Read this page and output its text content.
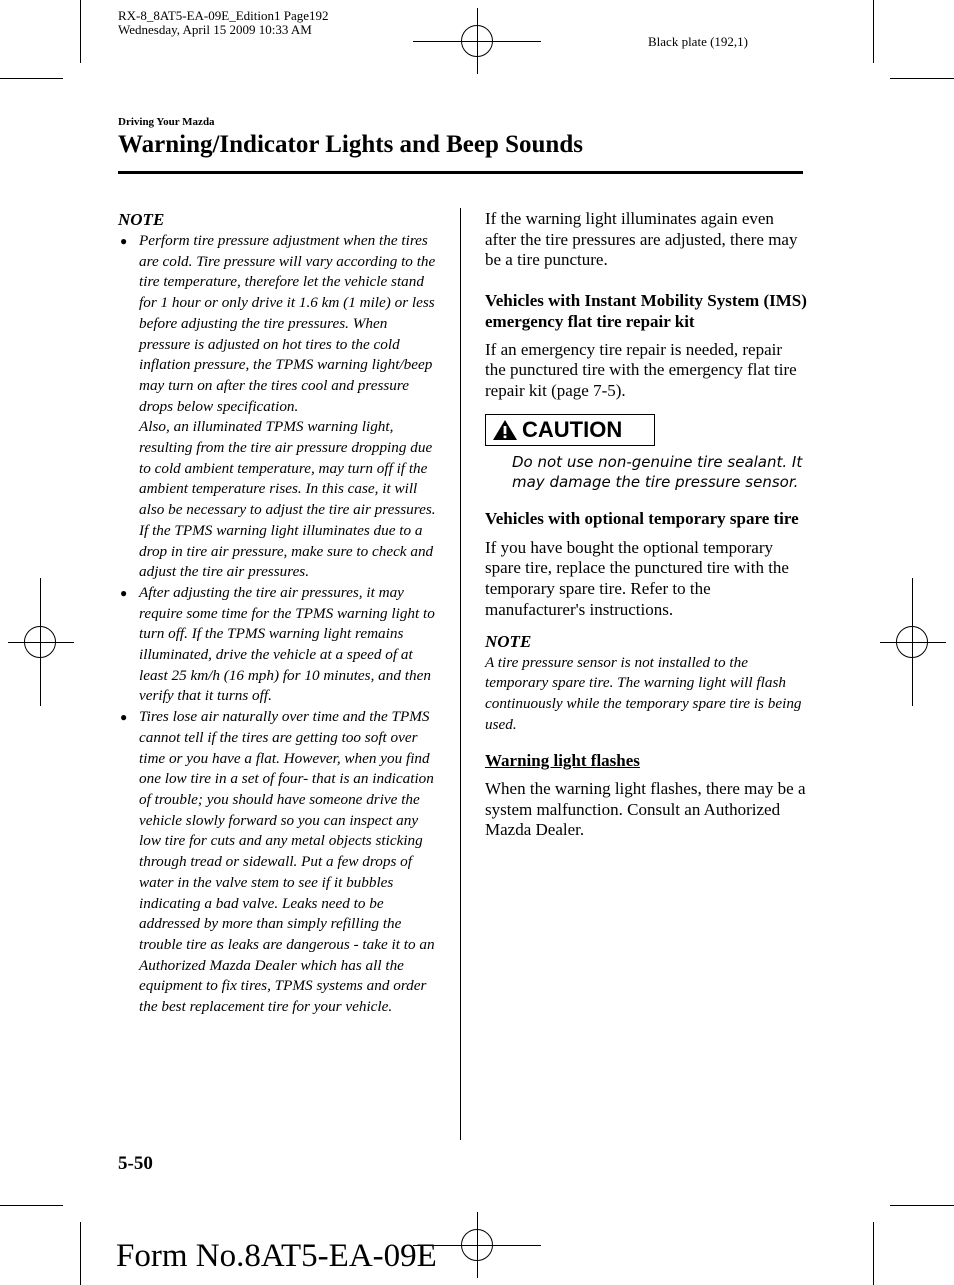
RX-8_8AT5-EA-09E_Edition1 Page192
Wednesday, April 15 2009 10:33 AM
Black plate (192,1)
Driving Your Mazda
Warning/Indicator Lights and Beep Sounds
NOTE
● Perform tire pressure adjustment when the tires are cold. Tire pressure will vary according to the tire temperature, therefore let the vehicle stand for 1 hour or only drive it 1.6 km (1 mile) or less before adjusting the tire pressures. When pressure is adjusted on hot tires to the cold inflation pressure, the TPMS warning light/beep may turn on after the tires cool and pressure drops below specification.

Also, an illuminated TPMS warning light, resulting from the tire air pressure dropping due to cold ambient temperature, may turn off if the ambient temperature rises. In this case, it will also be necessary to adjust the tire air pressures. If the TPMS warning light illuminates due to a drop in tire air pressure, make sure to check and adjust the tire air pressures.

● After adjusting the tire air pressures, it may require some time for the TPMS warning light to turn off. If the TPMS warning light remains illuminated, drive the vehicle at a speed of at least 25 km/h (16 mph) for 10 minutes, and then verify that it turns off.

● Tires lose air naturally over time and the TPMS cannot tell if the tires are getting too soft over time or you have a flat. However, when you find one low tire in a set of four- that is an indication of trouble; you should have someone drive the vehicle slowly forward so you can inspect any low tire for cuts and any metal objects sticking through tread or sidewall. Put a few drops of water in the valve stem to see if it bubbles indicating a bad valve. Leaks need to be addressed by more than simply refilling the trouble tire as leaks are dangerous - take it to an Authorized Mazda Dealer which has all the equipment to fix tires, TPMS systems and order the best replacement tire for your vehicle.

If the warning light illuminates again even after the tire pressures are adjusted, there may be a tire puncture.

Vehicles with Instant Mobility System (IMS) emergency flat tire repair kit

If an emergency tire repair is needed, repair the punctured tire with the emergency flat tire repair kit (page 7-5).

CAUTION

Do not use non-genuine tire sealant. It may damage the tire pressure sensor.

Vehicles with optional temporary spare tire

If you have bought the optional temporary spare tire, replace the punctured tire with the temporary spare tire. Refer to the manufacturer's instructions.

NOTE

A tire pressure sensor is not installed to the temporary spare tire. The warning light will flash continuously while the temporary spare tire is being used.

Warning light flashes

When the warning light flashes, there may be a system malfunction. Consult an Authorized Mazda Dealer.

5-50
Form No.8AT5-EA-09E
